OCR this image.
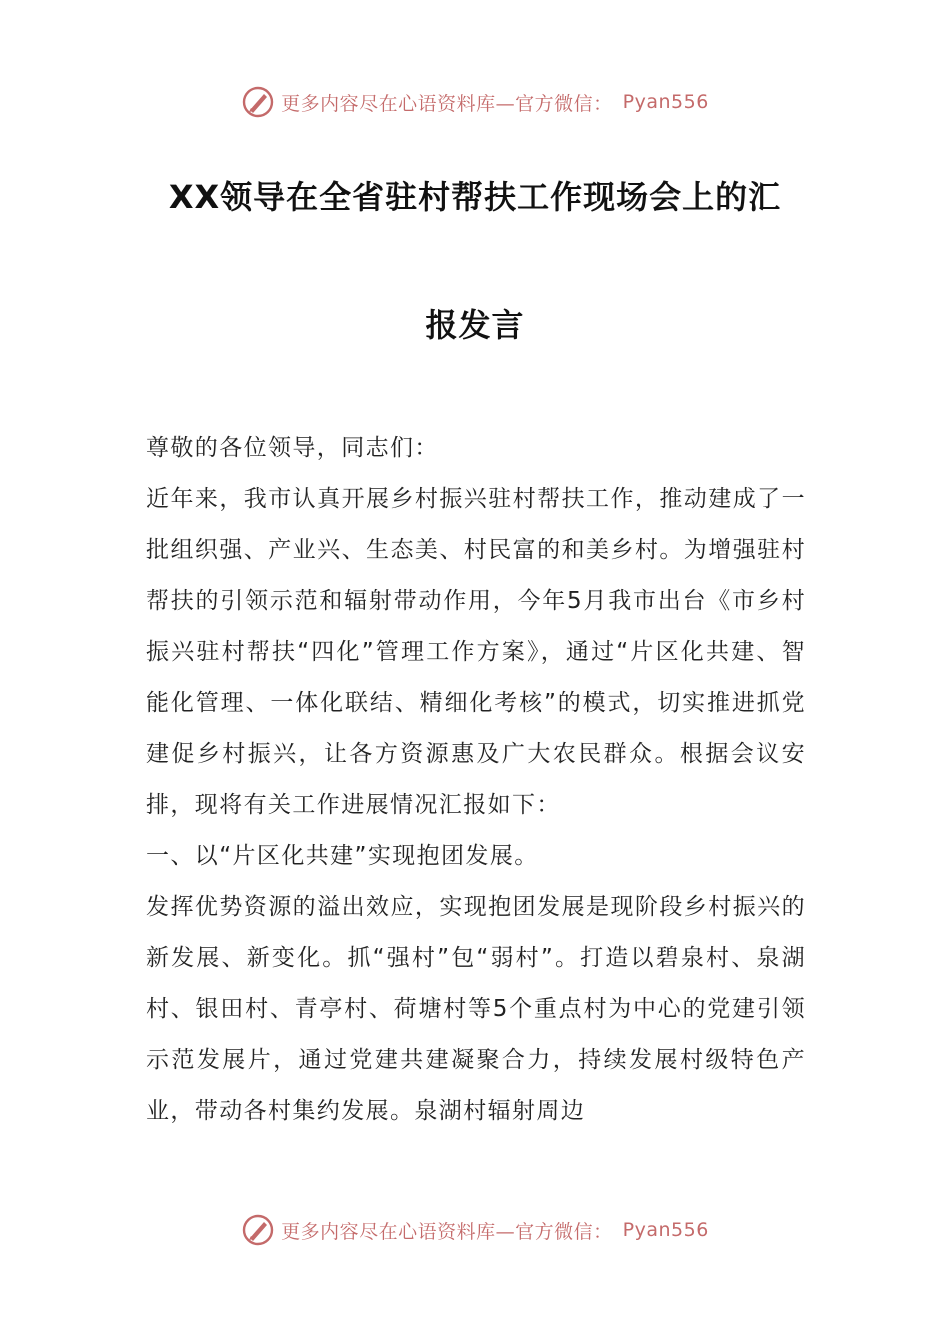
更多内容尽在心语资料库—官方微信： Pyan556
XX领导在全省驻村帮扶工作现场会上的汇
报发言

尊敬的各位领导，同志们：

近年来，我市认真开展乡村振兴驻村帮扶工作，推动建成了一批组织强、产业兴、生态美、村民富的和美乡村。为增强驻村帮扶的引领示范和辐射带动作用，今年5月我市出台《市乡村振兴驻村帮扶“四化”管理工作方案》，通过“片区化共建、智能化管理、一体化联结、精细化考核”的模式，切实推进抓党建促乡村振兴，让各方资源惠及广大农民群众。根据会议安排，现将有关工作进展情况汇报如下：

一、以“片区化共建”实现抱团发展。

发挥优势资源的溢出效应，实现抱团发展是现阶段乡村振兴的新发展、新变化。抓“强村”包“弱村”。打造以碧泉村、泉湖村、银田村、青亭村、荷塘村等5个重点村为中心的党建引领示范发展片，通过党建共建凝聚合力，持续发展村级特色产业，带动各村集约发展。泉湖村辐射周边

更多内容尽在心语资料库—官方微信： Pyan556
